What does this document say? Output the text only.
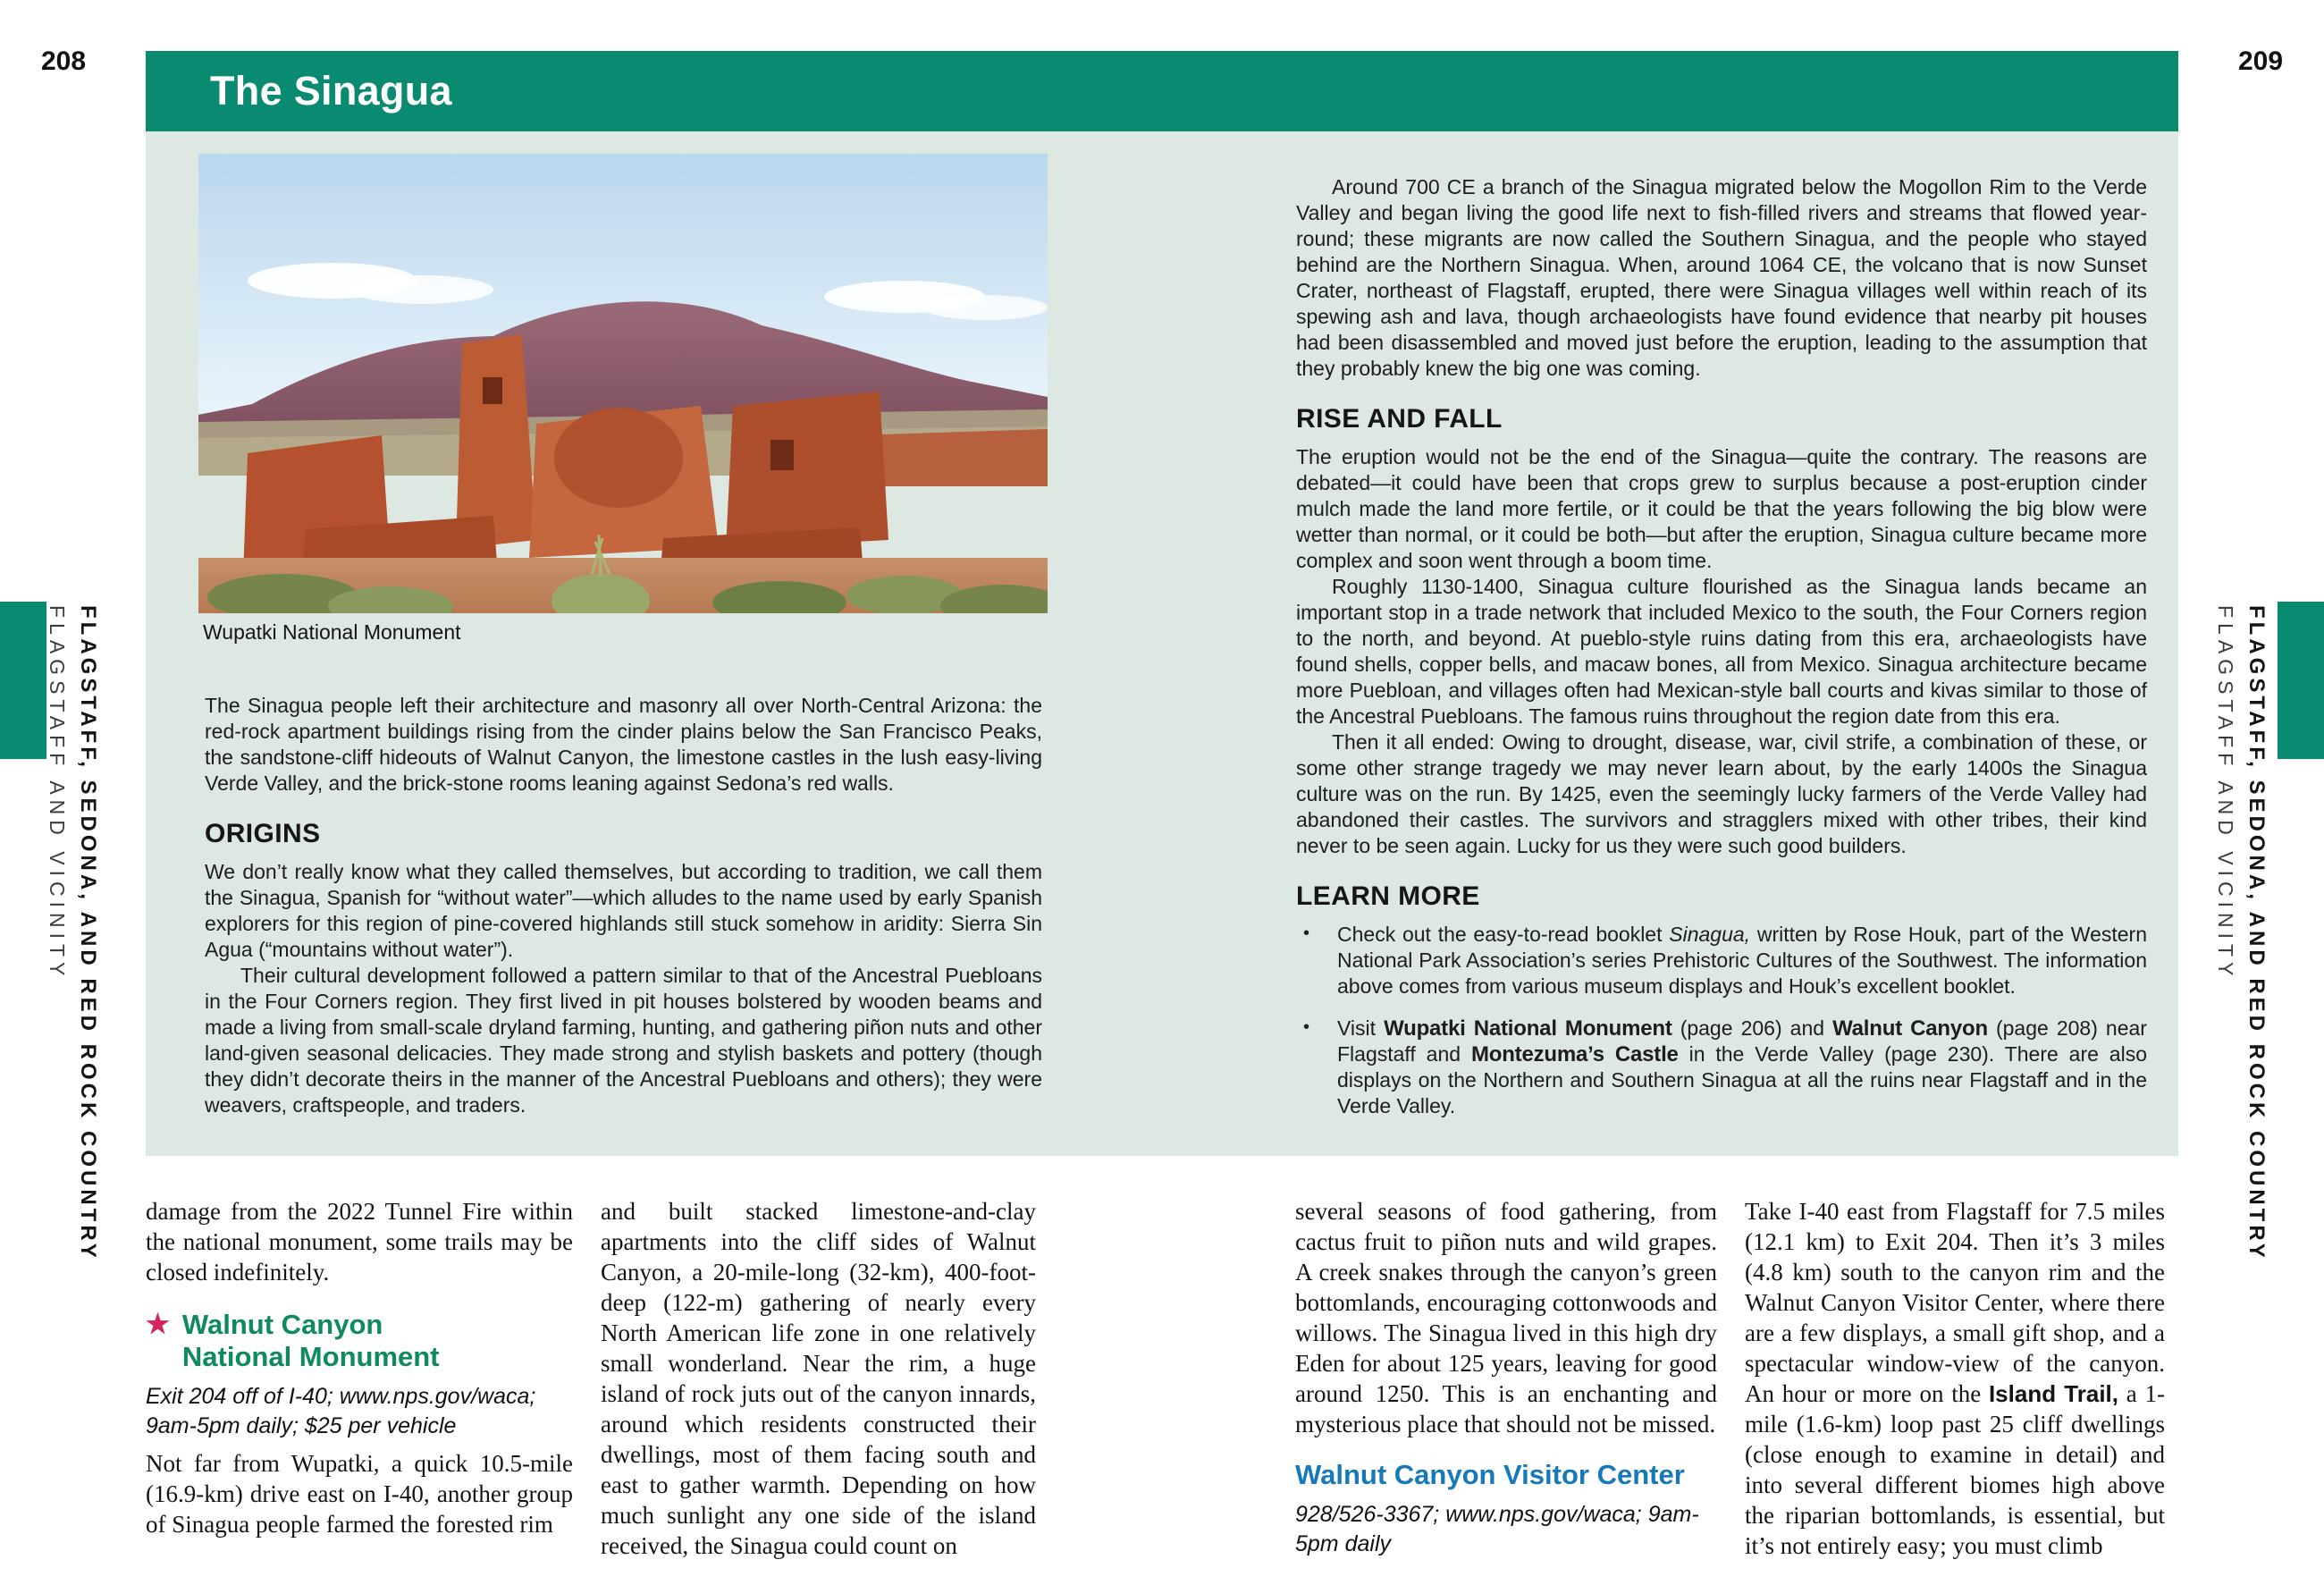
208	209
The Sinagua
Wupatki National Monument

The Sinagua people left their architecture and masonry all over North-Central Arizona: the red-rock apartment buildings rising from the cinder plains below the San Francisco Peaks, the sandstone-cliff hideouts of Walnut Canyon, the limestone castles in the lush easy-living Verde Valley, and the brick-stone rooms leaning against Sedona’s red walls.

ORIGINS

We don’t really know what they called themselves, but according to tradition, we call them the Sinagua, Spanish for “without water”—which alludes to the name used by early Spanish explorers for this region of pine-covered highlands still stuck somehow in aridity: Sierra Sin Agua (“mountains without water”).

Their cultural development followed a pattern similar to that of the Ancestral Puebloans in the Four Corners region. They first lived in pit houses bolstered by wooden beams and made a living from small-scale dryland farming, hunting, and gathering piñon nuts and other land-given seasonal delicacies. They made strong and stylish baskets and pottery (though they didn’t decorate theirs in the manner of the Ancestral Puebloans and others); they were weavers, craftspeople, and traders.

Around 700 CE a branch of the Sinagua migrated below the Mogollon Rim to the Verde Valley and began living the good life next to fish-filled rivers and streams that flowed year-round; these migrants are now called the Southern Sinagua, and the people who stayed behind are the Northern Sinagua. When, around 1064 CE, the volcano that is now Sunset Crater, northeast of Flagstaff, erupted, there were Sinagua villages well within reach of its spewing ash and lava, though archaeologists have found evidence that nearby pit houses had been disassembled and moved just before the eruption, leading to the assumption that they probably knew the big one was coming.

RISE AND FALL

The eruption would not be the end of the Sinagua—quite the contrary. The reasons are debated—it could have been that crops grew to surplus because a post-eruption cinder mulch made the land more fertile, or it could be that the years following the big blow were wetter than normal, or it could be both—but after the eruption, Sinagua culture became more complex and soon went through a boom time.

Roughly 1130-1400, Sinagua culture flourished as the Sinagua lands became an important stop in a trade network that included Mexico to the south, the Four Corners region to the north, and beyond. At pueblo-style ruins dating from this era, archaeologists have found shells, copper bells, and macaw bones, all from Mexico. Sinagua architecture became more Puebloan, and villages often had Mexican-style ball courts and kivas similar to those of the Ancestral Puebloans. The famous ruins throughout the region date from this era.

Then it all ended: Owing to drought, disease, war, civil strife, a combination of these, or some other strange tragedy we may never learn about, by the early 1400s the Sinagua culture was on the run. By 1425, even the seemingly lucky farmers of the Verde Valley had abandoned their castles. The survivors and stragglers mixed with other tribes, their kind never to be seen again. Lucky for us they were such good builders.

LEARN MORE
• Check out the easy-to-read booklet Sinagua, written by Rose Houk, part of the Western National Park Association’s series Prehistoric Cultures of the Southwest. The information above comes from various museum displays and Houk’s excellent booklet.
• Visit Wupatki National Monument (page 206) and Walnut Canyon (page 208) near Flagstaff and Montezuma’s Castle in the Verde Valley (page 230). There are also displays on the Northern and Southern Sinagua at all the ruins near Flagstaff and in the Verde Valley.
FLAGSTAFF, SEDONA, AND RED ROCK COUNTRY
FLAGSTAFF AND VICINITY	FLAGSTAFF, SEDONA, AND RED ROCK COUNTRY
FLAGSTAFF AND VICINITY

damage from the 2022 Tunnel Fire within the national monument, some trails may be closed indefinitely.

★ Walnut Canyon
National Monument

Exit 204 off of I-40; www.nps.gov/waca; 9am-5pm daily; $25 per vehicle

Not far from Wupatki, a quick 10.5-mile (16.9-km) drive east on I-40, another group of Sinagua people farmed the forested rim

and built stacked limestone-and-clay apartments into the cliff sides of Walnut Canyon, a 20-mile-long (32-km), 400-foot-deep (122-m) gathering of nearly every North American life zone in one relatively small wonderland. Near the rim, a huge island of rock juts out of the canyon innards, around which residents constructed their dwellings, most of them facing south and east to gather warmth. Depending on how much sunlight any one side of the island received, the Sinagua could count on

several seasons of food gathering, from cactus fruit to piñon nuts and wild grapes. A creek snakes through the canyon’s green bottomlands, encouraging cottonwoods and willows. The Sinagua lived in this high dry Eden for about 125 years, leaving for good around 1250. This is an enchanting and mysterious place that should not be missed.

Walnut Canyon Visitor Center

928/526-3367; www.nps.gov/waca; 9am-5pm daily

Take I-40 east from Flagstaff for 7.5 miles (12.1 km) to Exit 204. Then it’s 3 miles (4.8 km) south to the canyon rim and the Walnut Canyon Visitor Center, where there are a few displays, a small gift shop, and a spectacular window-view of the canyon. An hour or more on the Island Trail, a 1-mile (1.6-km) loop past 25 cliff dwellings (close enough to examine in detail) and into several different biomes high above the riparian bottomlands, is essential, but it’s not entirely easy; you must climb
